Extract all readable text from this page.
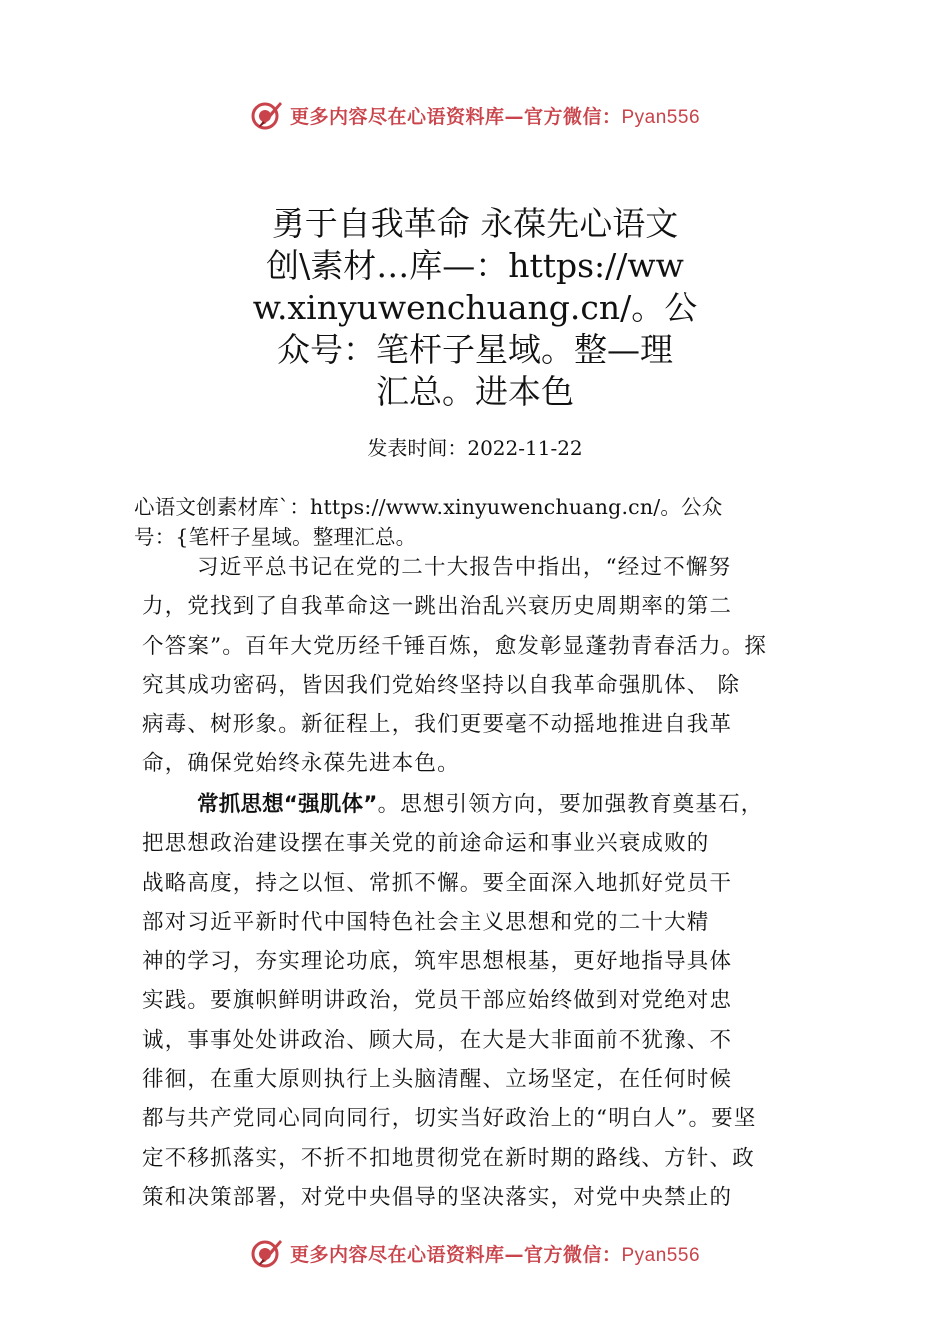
更多内容尽在心语资料库—官方微信：Pyan556
勇于自我革命 永葆先心语文
创\素材…库—：https://ww
w.xinyuwenchuang.cn/。公
众号：笔杆子星域。整—理
汇总。进本色
发表时间：2022-11-22
心语文创素材库`：https://www.xinyuwenchuang.cn/。公众
号：{笔杆子星域。整理汇总。
习近平总书记在党的二十大报告中指出，“经过不懈努
力，党找到了自我革命这一跳出治乱兴衰历史周期率的第二
个答案”。百年大党历经千锤百炼，愈发彰显蓬勃青春活力。探
究其成功密码，皆因我们党始终坚持以自我革命强肌体、 除
病毒、树形象。新征程上，我们更要毫不动摇地推进自我革
命，确保党始终永葆先进本色。
常抓思想“强肌体”。思想引领方向，要加强教育奠基石，
把思想政治建设摆在事关党的前途命运和事业兴衰成败的
战略高度，持之以恒、常抓不懈。要全面深入地抓好党员干
部对习近平新时代中国特色社会主义思想和党的二十大精
神的学习，夯实理论功底，筑牢思想根基，更好地指导具体
实践。要旗帜鲜明讲政治，党员干部应始终做到对党绝对忠
诚，事事处处讲政治、顾大局，在大是大非面前不犹豫、不
徘徊，在重大原则执行上头脑清醒、立场坚定，在任何时候
都与共产党同心同向同行，切实当好政治上的“明白人”。要坚
定不移抓落实，不折不扣地贯彻党在新时期的路线、方针、政
策和决策部署，对党中央倡导的坚决落实，对党中央禁止的
更多内容尽在心语资料库—官方微信：Pyan556
